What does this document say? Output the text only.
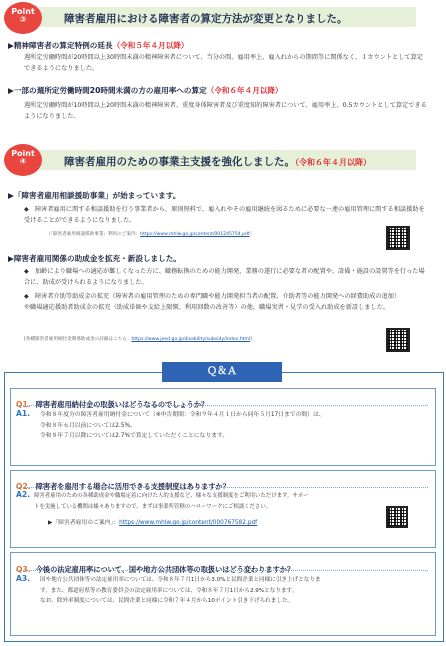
Point
③	障害者雇用における障害者の算定方法が変更となりました。
▶精神障害者の算定特例の延長（令和５年４月以降）
週所定労働時間が20時間以上30時間未満の精神障害者について、当分の間、雇用率上、雇入れからの期間等に関係なく、１カウントとして算定できるようになりました。
▶一部の週所定労働時間20時間未満の方の雇用率への算定（令和６年４月以降）
週所定労働時間が10時間以上20時間未満の精神障害者、重度身体障害者及び重度知的障害者について、雇用率上、0.5カウントとして算定できるようになりました。
Point
④	障害者雇用のための事業主支援を強化しました。（令和６年４月以降）
▶「障害者雇用相談援助事業」が始まっています。
◆　障害者雇用に関する相談援助を行う事業者から、原則無料で、雇入れやその雇用継続を図るために必要な一連の雇用管理に関する相談援助を受けることができるようになりました。
（「障害者雇用相談援助事業」利用のご案内：https://www.mhlw.go.jp/content/001245754.pdf）
▶障害者雇用関係の助成金を拡充・新設しました。
◆　加齢により職場への適応が難しくなった方に、職務転換のための能力開発、業務の遂行に必要な者の配置や、設備・施設の設置等を行った場合に、助成が受けられるようになりました。
◆　障害者介助等助成金の拡充（障害者の雇用管理のための専門職や能力開発担当者の配置、介助者等の能力開発への経費助成の追加）や職場適応援助者助成金の拡充（助成単価や支給上限額、利用回数の改善等）の他、職場実習・見学の受入れ助成を新設しました。
[各種障害者雇用納付金関係助成金の詳細はこちら：https://www.jeed.go.jp/disability/subsidy/index.html]
Ｑ＆Ａ
Q1. 障害者雇用納付金の取扱いはどうなるのでしょうか？
A1. 令和８年度分の障害者雇用納付金について（※申告期間：令和９年４月１日から同年５月17日までの間）は、
令和８年６月以前については2.5%、
令和８年７月以降については2.7%で算定していただくことになります。
Q2. 障害者を雇用する場合に活用できる支援制度はありますか？
A2. 障害者雇用のための各種助成金や職場定着に向けた人的支援など、様々な支援制度をご利用いただけます。サポー
トを実施している機関は様々ありますので、まずは事業所管轄のハローワークにご相談ください。
▶「障害者雇用のご案内」：https://www.mhlw.go.jp/content/000767582.pdf
Q3. 今後の法定雇用率について、国や地方公共団体等の取扱いはどう変わりますか？
A3. 国や地方公共団体等の法定雇用率については、令和８年７月1日から3.0%と民間企業と同様に引き上げとなりま
す。また、都道府県等の教育委員会の法定雇用率については、令和８年７月1日から2.9%となります。
なお、除外率制度については、民間企業と同様に令和７年４月から10ポイント引き下げられました。
